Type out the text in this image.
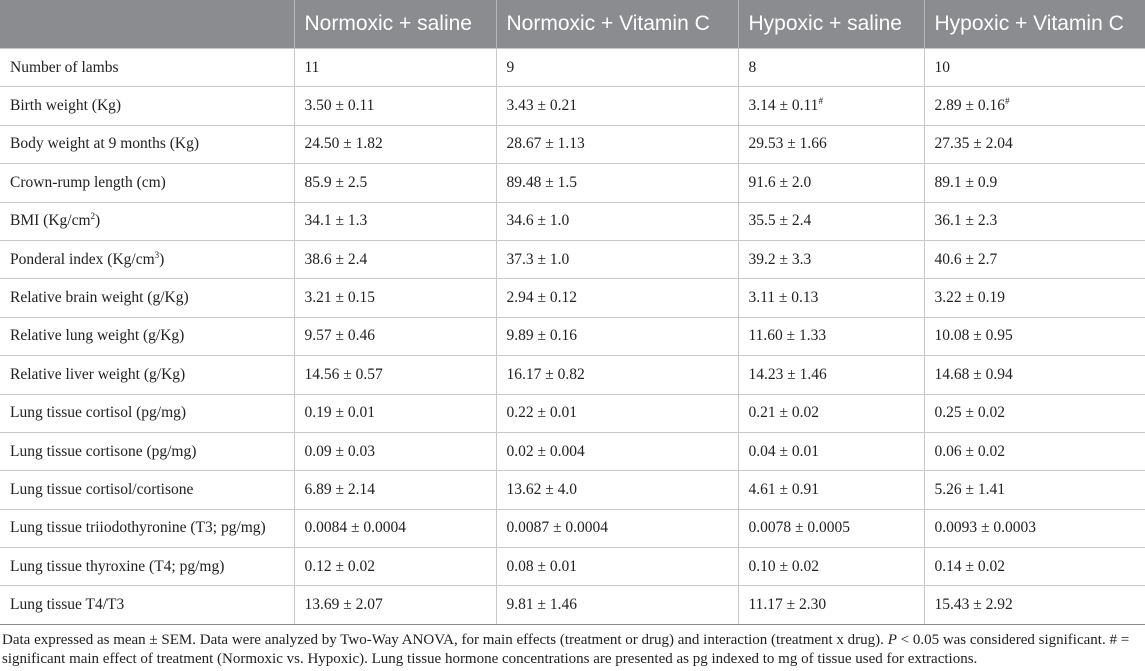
	Normoxic + saline	Normoxic + Vitamin C	Hypoxic + saline	Hypoxic + Vitamin C
Number of lambs	11	9	8	10
Birth weight (Kg)	3.50 ± 0.11	3.43 ± 0.21	3.14 ± 0.11#	2.89 ± 0.16#
Body weight at 9 months (Kg)	24.50 ± 1.82	28.67 ± 1.13	29.53 ± 1.66	27.35 ± 2.04
Crown-rump length (cm)	85.9 ± 2.5	89.48 ± 1.5	91.6 ± 2.0	89.1 ± 0.9
BMI $(Kg/cm^2)$	34.1 ± 1.3	34.6 ± 1.0	35.5 ± 2.4	36.1 ± 2.3
Ponderal index $(Kg/cm^3)$	38.6 ± 2.4	37.3 ± 1.0	39.2 ± 3.3	40.6 ± 2.7
Relative brain weight (g/Kg)	3.21 ± 0.15	2.94 ± 0.12	3.11 ± 0.13	3.22 ± 0.19
Relative lung weight (g/Kg)	9.57 ± 0.46	9.89 ± 0.16	11.60 ± 1.33	10.08 ± 0.95
Relative liver weight (g/Kg)	14.56 ± 0.57	16.17 ± 0.82	14.23 ± 1.46	14.68 ± 0.94
Lung tissue cortisol (pg/mg)	0.19 ± 0.01	0.22 ± 0.01	0.21 ± 0.02	0.25 ± 0.02
Lung tissue cortisone (pg/mg)	0.09 ± 0.03	0.02 ± 0.004	0.04 ± 0.01	0.06 ± 0.02
Lung tissue cortisol/cortisone	6.89 ± 2.14	13.62 ± 4.0	4.61 ± 0.91	5.26 ± 1.41
Lung tissue triiodothyronine (T3; pg/mg)	0.0084 ± 0.0004	0.0087 ± 0.0004	0.0078 ± 0.0005	0.0093 ± 0.0003
Lung tissue thyroxine (T4; pg/mg)	0.12 ± 0.02	0.08 ± 0.01	0.10 ± 0.02	0.14 ± 0.02
Lung tissue T4/T3	13.69 ± 2.07	9.81 ± 1.46	11.17 ± 2.30	15.43 ± 2.92
Data expressed as mean ± SEM. Data were analyzed by Two-Way ANOVA, for main effects (treatment or drug) and interaction (treatment x drug). P < 0.05 was considered significant. # = significant main effect of treatment (Normoxic vs. Hypoxic). Lung tissue hormone concentrations are presented as pg indexed to mg of tissue used for extractions.
